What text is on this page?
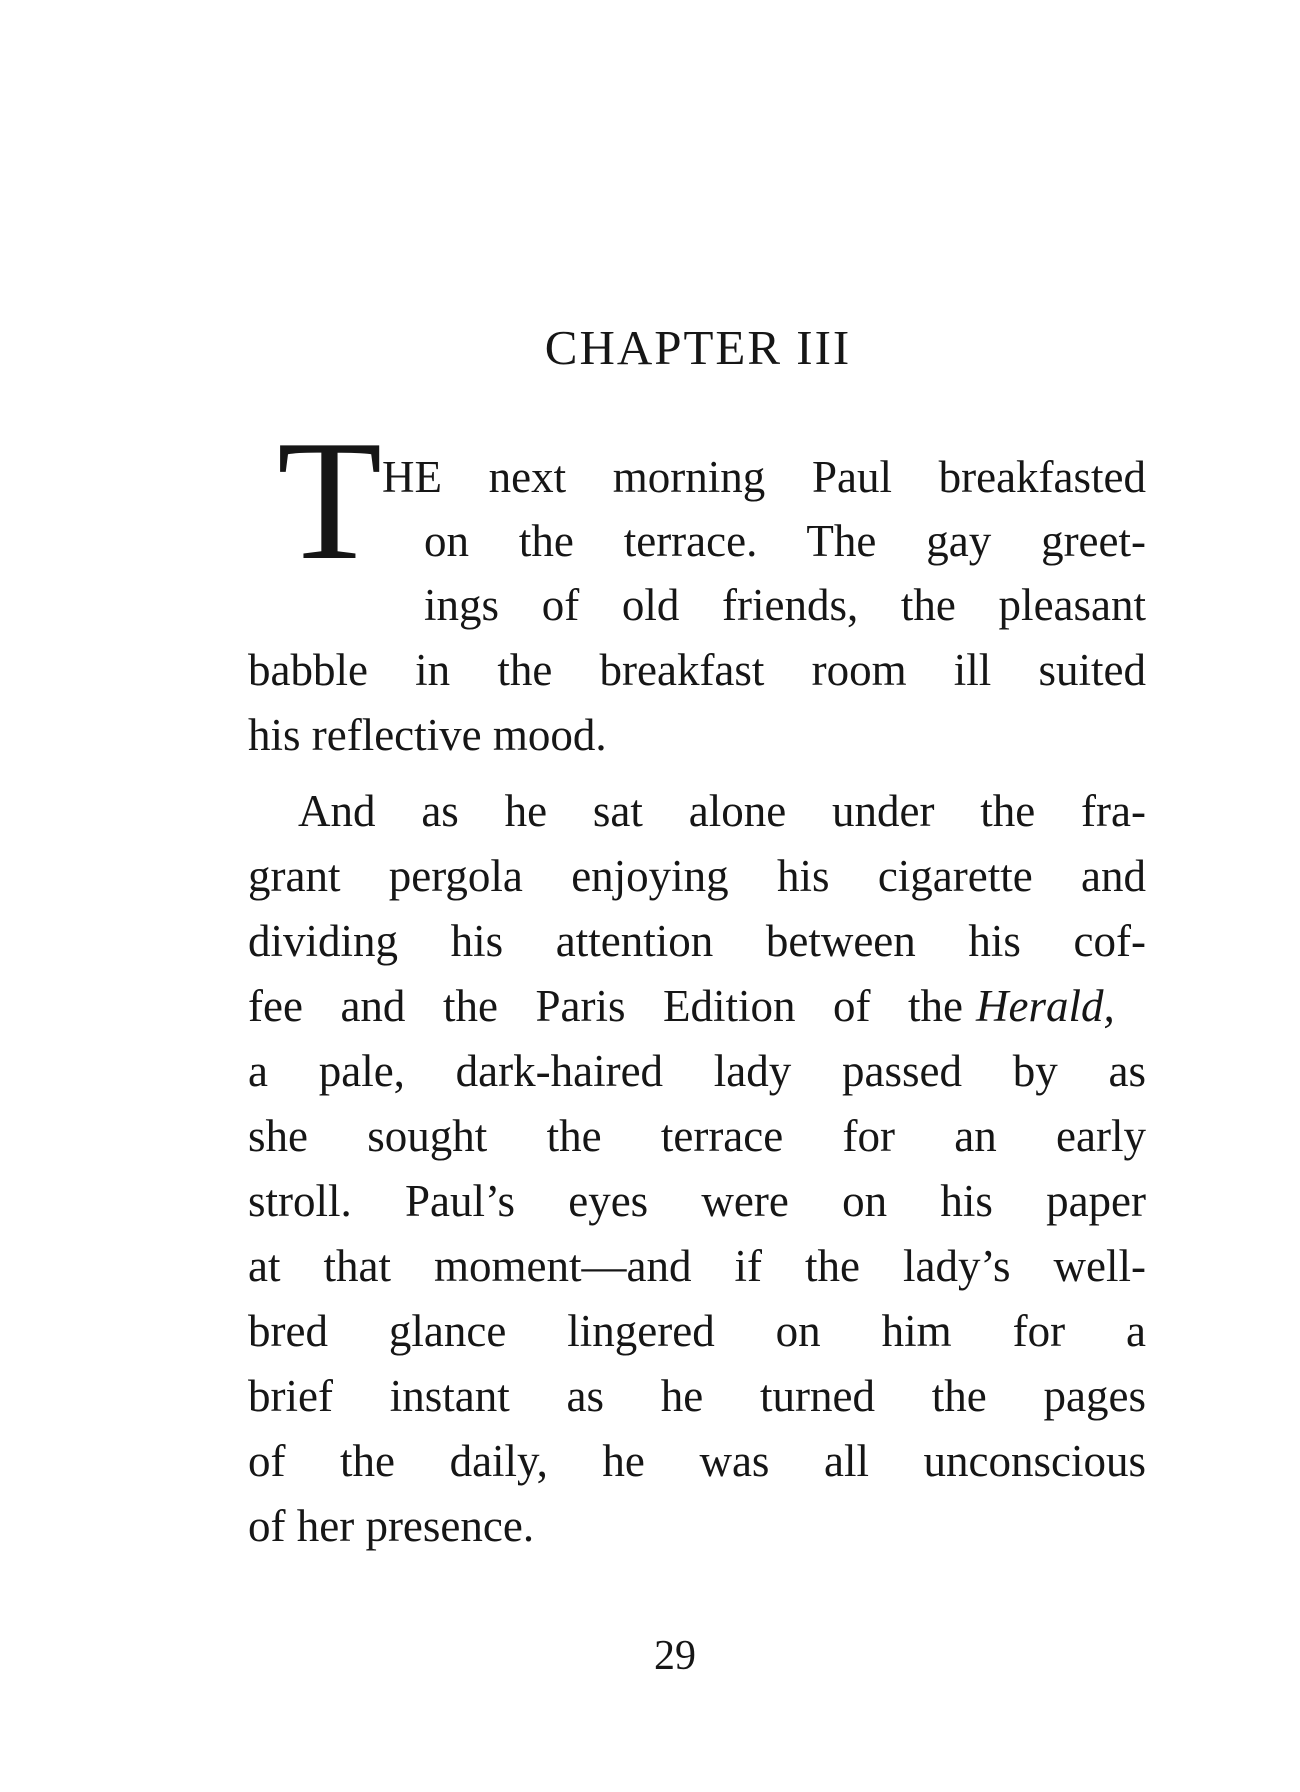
CHAPTER III
T HE next morning Paul breakfasted
on the terrace. The gay greet-
ings of old friends, the pleasant
babble in the breakfast room ill suited
his reflective mood.
And as he sat alone under the fra-
grant pergola enjoying his cigarette and
dividing his attention between his cof-
fee and the Paris Edition of the Herald,
a pale, dark-haired lady passed by as
she sought the terrace for an early
stroll. Paul’s eyes were on his paper
at that moment—and if the lady’s well-
bred glance lingered on him for a
brief instant as he turned the pages
of the daily, he was all unconscious
of her presence.
29
